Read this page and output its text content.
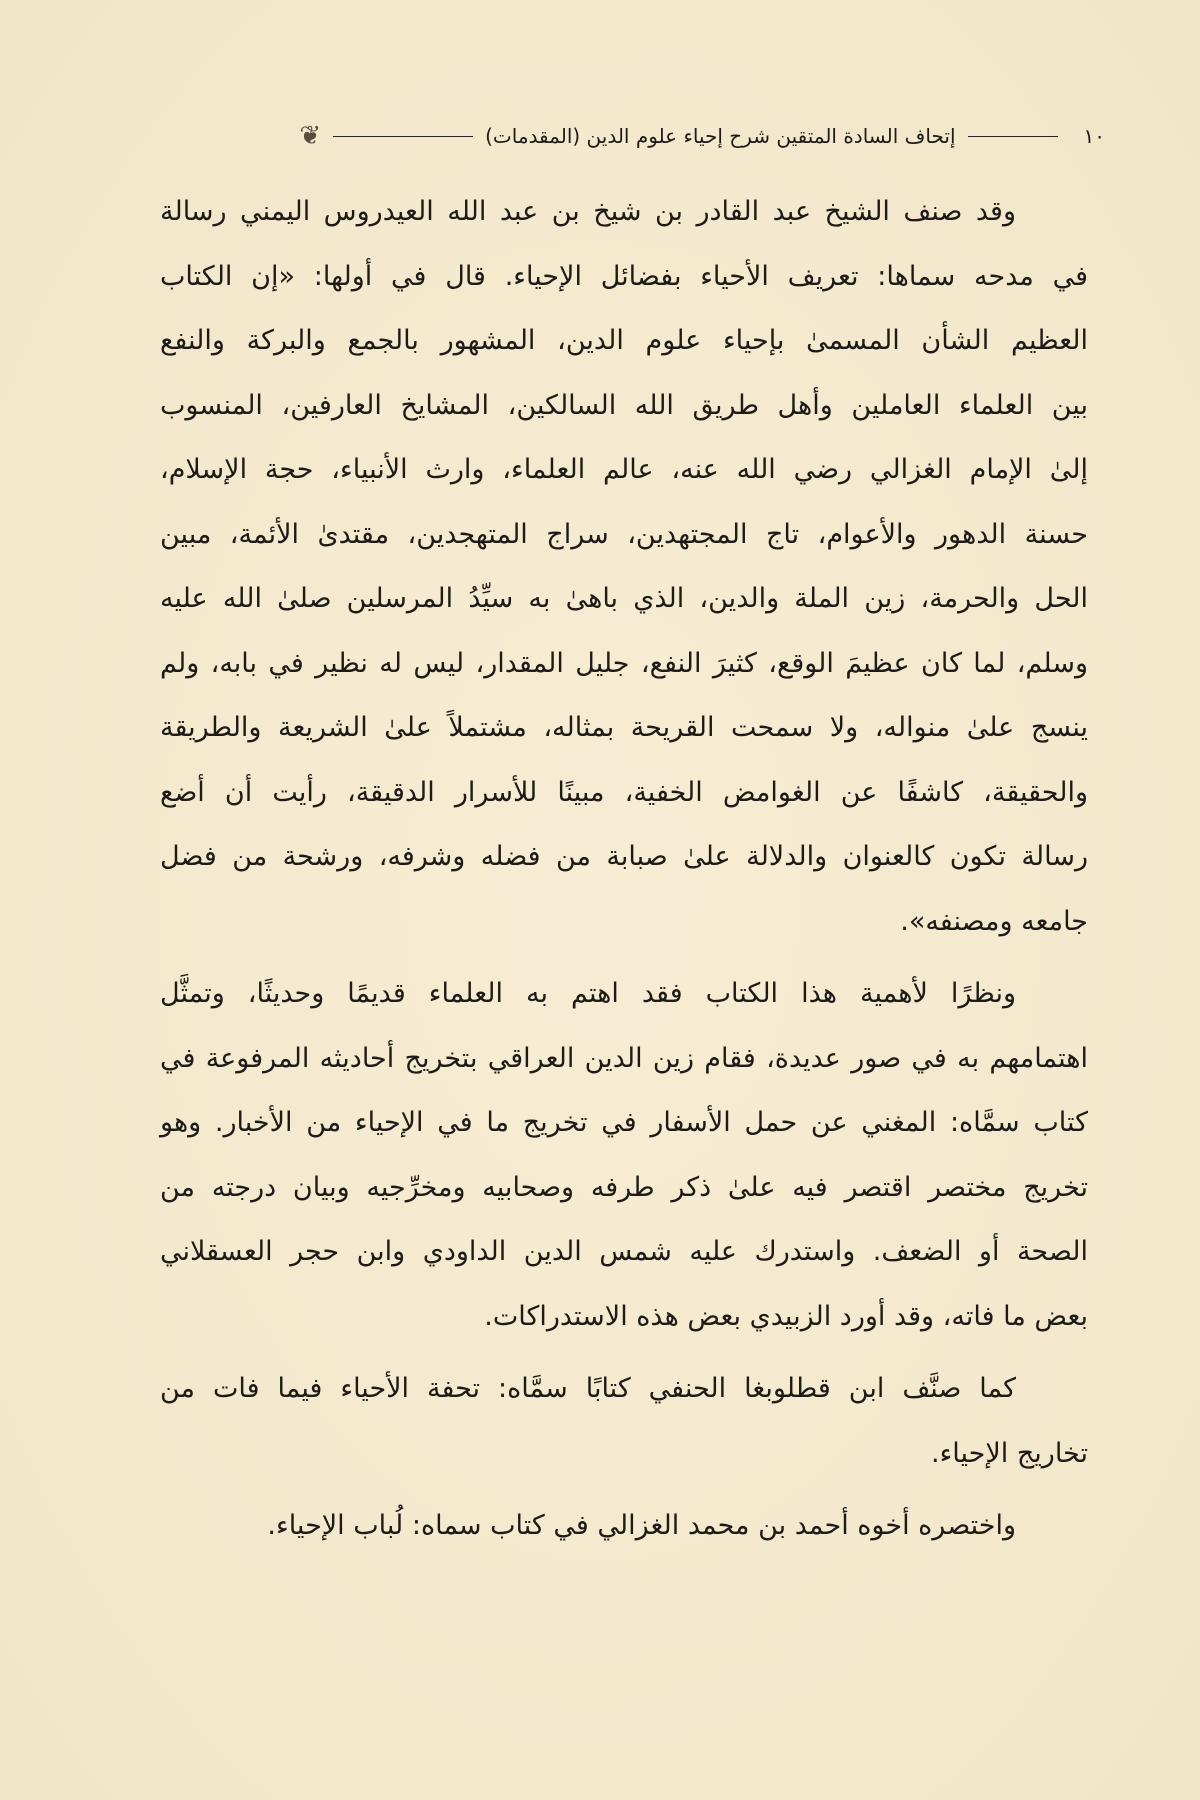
١٠
إتحاف السادة المتقين شرح إحياء علوم الدين (المقدمات)
❦
وقد صنف الشيخ عبد القادر بن شيخ بن عبد الله العيدروس اليمني رسالة
في مدحه سماها: تعريف الأحياء بفضائل الإحياء. قال في أولها: «إن الكتاب
العظيم الشأن المسمىٰ بإحياء علوم الدين، المشهور بالجمع والبركة والنفع
بين العلماء العاملين وأهل طريق الله السالكين، المشايخ العارفين، المنسوب
إلىٰ الإمام الغزالي رضي الله عنه، عالم العلماء، وارث الأنبياء، حجة الإسلام،
حسنة الدهور والأعوام، تاج المجتهدين، سراج المتهجدين، مقتدىٰ الأئمة، مبين
الحل والحرمة، زين الملة والدين، الذي باهىٰ به سيِّدُ المرسلين صلىٰ الله عليه
وسلم، لما كان عظيمَ الوقع، كثيرَ النفع، جليل المقدار، ليس له نظير في بابه، ولم
ينسج علىٰ منواله، ولا سمحت القريحة بمثاله، مشتملاً علىٰ الشريعة والطريقة
والحقيقة، كاشفًا عن الغوامض الخفية، مبينًا للأسرار الدقيقة، رأيت أن أضع
رسالة تكون كالعنوان والدلالة علىٰ صبابة من فضله وشرفه، ورشحة من فضل
جامعه ومصنفه».
ونظرًا لأهمية هذا الكتاب فقد اهتم به العلماء قديمًا وحديثًا، وتمثَّل
اهتمامهم به في صور عديدة، فقام زين الدين العراقي بتخريج أحاديثه المرفوعة في
كتاب سمَّاه: المغني عن حمل الأسفار في تخريج ما في الإحياء من الأخبار. وهو
تخريج مختصر اقتصر فيه علىٰ ذكر طرفه وصحابيه ومخرِّجيه وبيان درجته من
الصحة أو الضعف. واستدرك عليه شمس الدين الداودي وابن حجر العسقلاني
بعض ما فاته، وقد أورد الزبيدي بعض هذه الاستدراكات.
كما صنَّف ابن قطلوبغا الحنفي كتابًا سمَّاه: تحفة الأحياء فيما فات من
تخاريج الإحياء.
واختصره أخوه أحمد بن محمد الغزالي في كتاب سماه: لُباب الإحياء.
